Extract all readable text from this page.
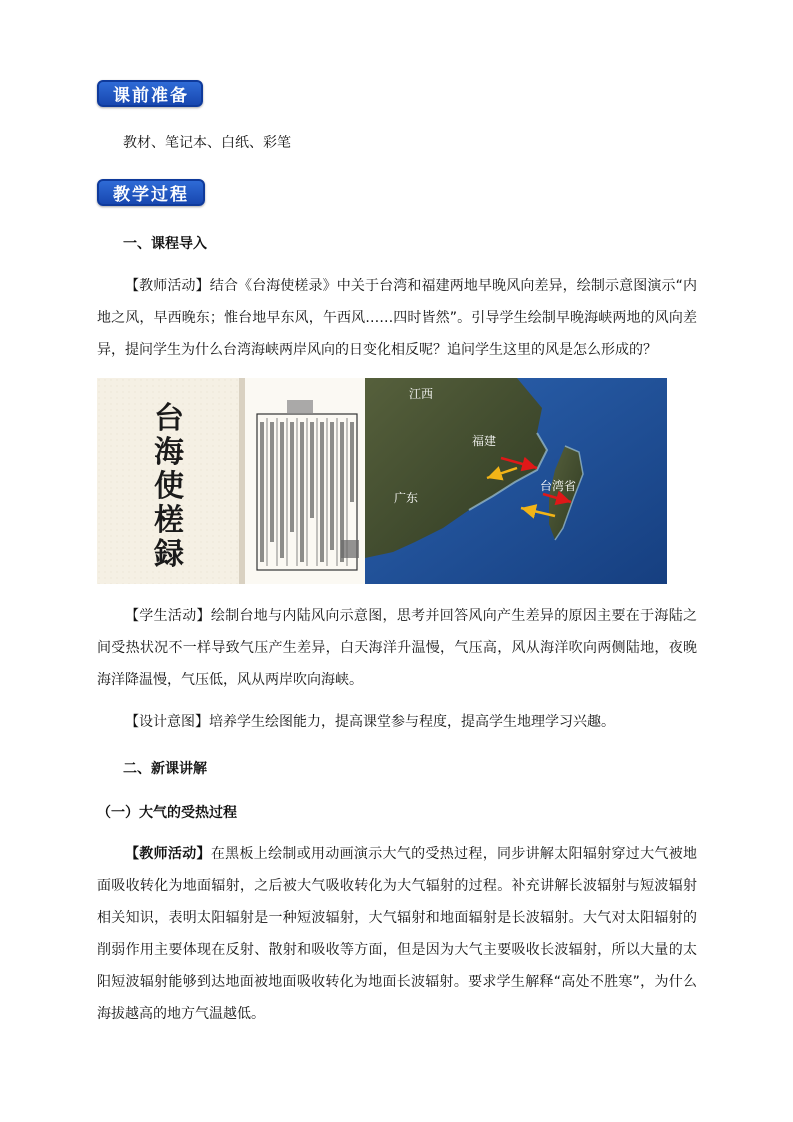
课前准备
教材、笔记本、白纸、彩笔
教学过程
一、课程导入
【教师活动】结合《台海使槎录》中关于台湾和福建两地早晚风向差异，绘制示意图演示“内地之风，早西晚东；惟台地早东风，午西风……四时皆然”。引导学生绘制早晚海峡两地的风向差异，提问学生为什么台湾海峡两岸风向的日变化相反呢？追问学生这里的风是怎么形成的？
江西
福建
广东
台湾省
台
海
使
槎
録
【学生活动】绘制台地与内陆风向示意图，思考并回答风向产生差异的原因主要在于海陆之间受热状况不一样导致气压产生差异，白天海洋升温慢，气压高，风从海洋吹向两侧陆地，夜晚海洋降温慢，气压低，风从两岸吹向海峡。
【设计意图】培养学生绘图能力，提高课堂参与程度，提高学生地理学习兴趣。
二、新课讲解
（一）大气的受热过程
【教师活动】在黑板上绘制或用动画演示大气的受热过程，同步讲解太阳辐射穿过大气被地面吸收转化为地面辐射，之后被大气吸收转化为大气辐射的过程。补充讲解长波辐射与短波辐射相关知识，表明太阳辐射是一种短波辐射，大气辐射和地面辐射是长波辐射。大气对太阳辐射的削弱作用主要体现在反射、散射和吸收等方面，但是因为大气主要吸收长波辐射，所以大量的太阳短波辐射能够到达地面被地面吸收转化为地面长波辐射。要求学生解释“高处不胜寒”，为什么海拔越高的地方气温越低。
